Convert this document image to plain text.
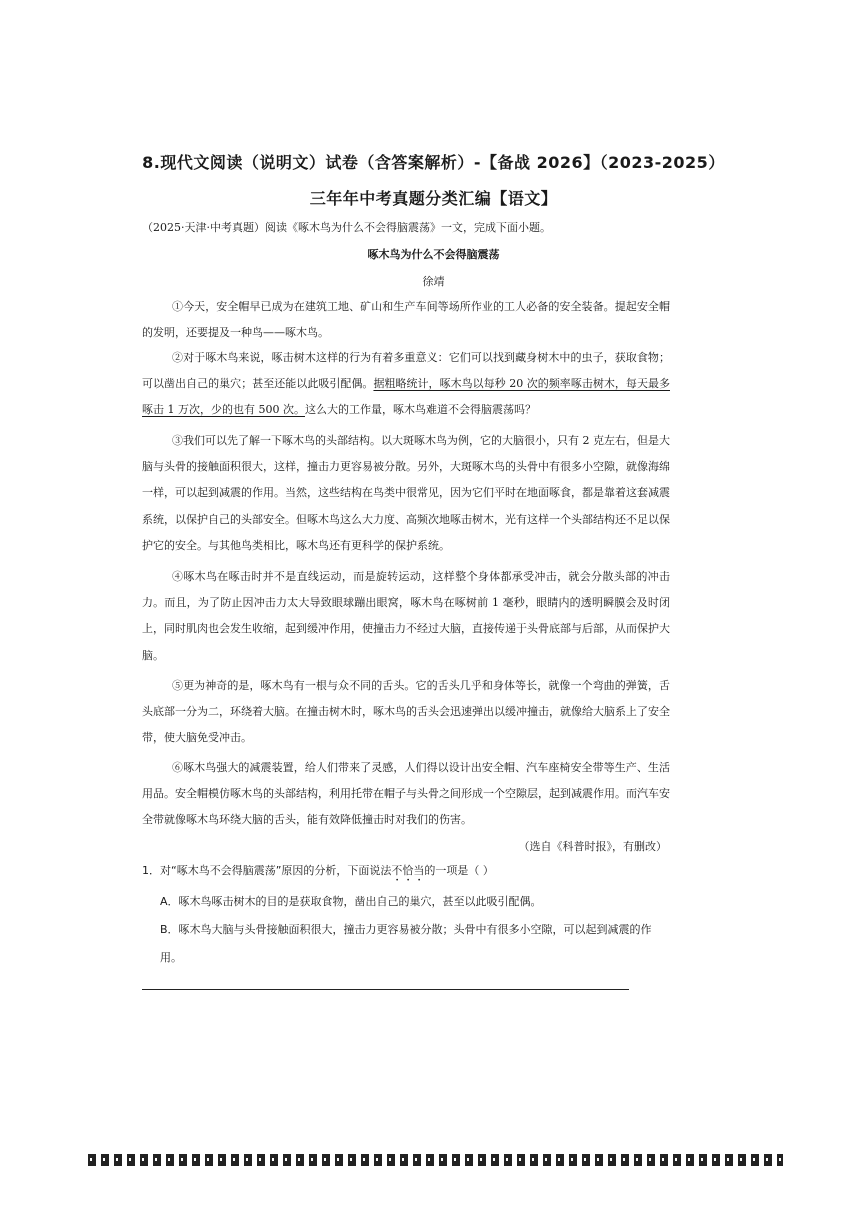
8.现代文阅读（说明文）试卷（含答案解析）-【备战 2026】（2023-2025）
三年年中考真题分类汇编【语文】
（2025·天津·中考真题）阅读《啄木鸟为什么不会得脑震荡》一文，完成下面小题。
啄木鸟为什么不会得脑震荡
徐靖
①今天，安全帽早已成为在建筑工地、矿山和生产车间等场所作业的工人必备的安全装备。提起安全帽的发明，还要提及一种鸟——啄木鸟。
②对于啄木鸟来说，啄击树木这样的行为有着多重意义：它们可以找到藏身树木中的虫子，获取食物；可以凿出自己的巢穴；甚至还能以此吸引配偶。据粗略统计，啄木鸟以每秒 20 次的频率啄击树木，每天最多啄击 1 万次，少的也有 500 次。这么大的工作量，啄木鸟难道不会得脑震荡吗？
③我们可以先了解一下啄木鸟的头部结构。以大斑啄木鸟为例，它的大脑很小，只有 2 克左右，但是大脑与头骨的接触面积很大，这样，撞击力更容易被分散。另外，大斑啄木鸟的头骨中有很多小空隙，就像海绵一样，可以起到减震的作用。当然，这些结构在鸟类中很常见，因为它们平时在地面啄食，都是靠着这套减震系统，以保护自己的头部安全。但啄木鸟这么大力度、高频次地啄击树木，光有这样一个头部结构还不足以保护它的安全。与其他鸟类相比，啄木鸟还有更科学的保护系统。
④啄木鸟在啄击时并不是直线运动，而是旋转运动，这样整个身体都承受冲击，就会分散头部的冲击力。而且，为了防止因冲击力太大导致眼球蹦出眼窝，啄木鸟在啄树前 1 毫秒，眼睛内的透明瞬膜会及时闭上，同时肌肉也会发生收缩，起到缓冲作用，使撞击力不经过大脑，直接传递于头骨底部与后部，从而保护大脑。
⑤更为神奇的是，啄木鸟有一根与众不同的舌头。它的舌头几乎和身体等长，就像一个弯曲的弹簧，舌头底部一分为二，环绕着大脑。在撞击树木时，啄木鸟的舌头会迅速弹出以缓冲撞击，就像给大脑系上了安全带，使大脑免受冲击。
⑥啄木鸟强大的减震装置，给人们带来了灵感，人们得以设计出安全帽、汽车座椅安全带等生产、生活用品。安全帽模仿啄木鸟的头部结构，利用托带在帽子与头骨之间形成一个空隙层，起到减震作用。而汽车安全带就像啄木鸟环绕大脑的舌头，能有效降低撞击时对我们的伤害。
（选自《科普时报》，有删改）
1．对“啄木鸟不会得脑震荡”原因的分析，下面说法不恰当的一项是（ ）
A．啄木鸟啄击树木的目的是获取食物，凿出自己的巢穴，甚至以此吸引配偶。
B．啄木鸟大脑与头骨接触面积很大，撞击力更容易被分散；头骨中有很多小空隙，可以起到减震的作用。
